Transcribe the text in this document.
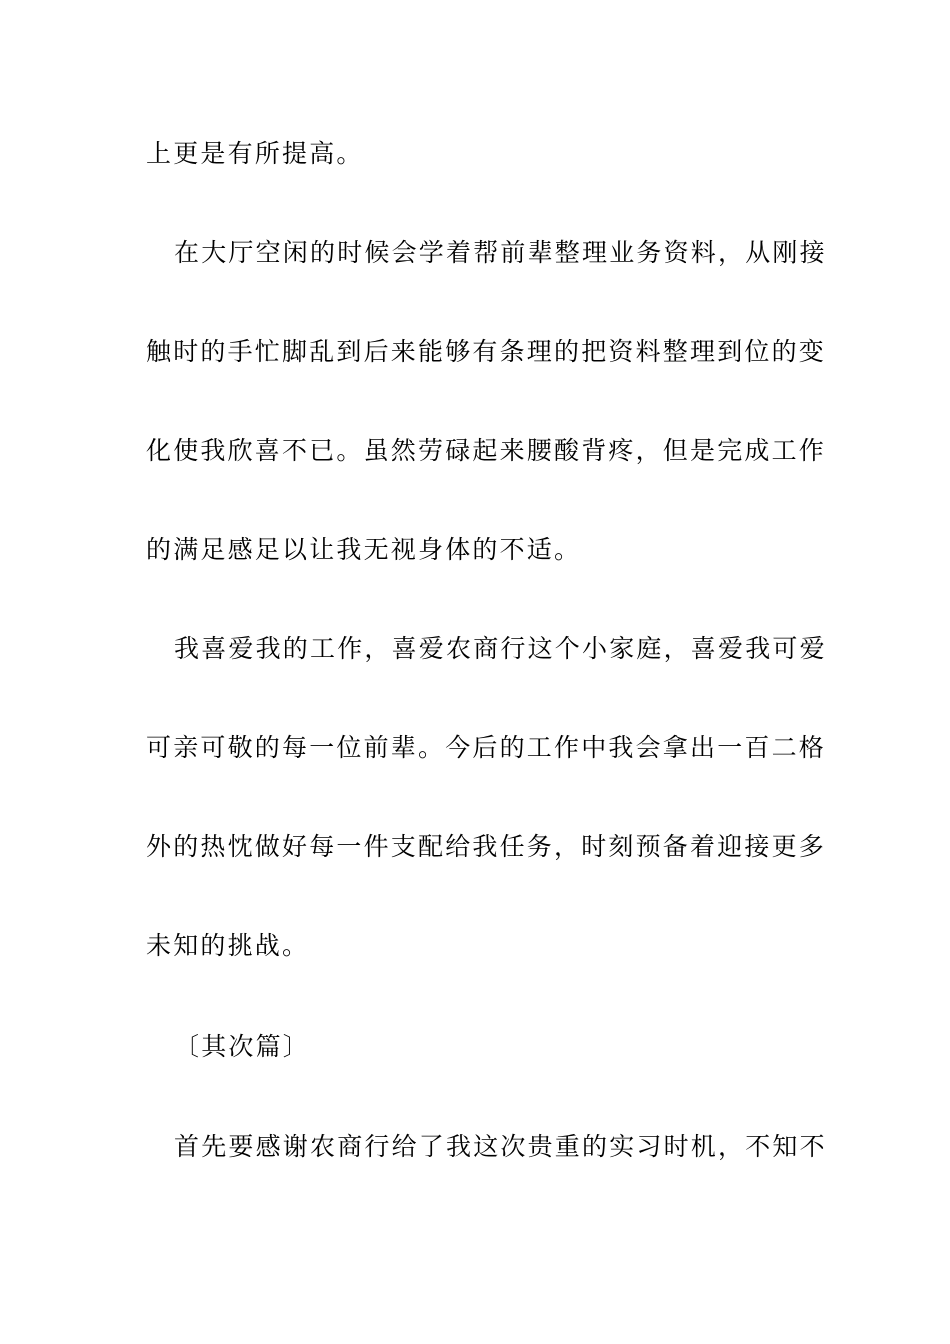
上更是有所提高。
在大厅空闲的时候会学着帮前辈整理业务资料，从刚接
触时的手忙脚乱到后来能够有条理的把资料整理到位的变
化使我欣喜不已。虽然劳碌起来腰酸背疼，但是完成工作
的满足感足以让我无视身体的不适。
我喜爱我的工作，喜爱农商行这个小家庭，喜爱我可爱
可亲可敬的每一位前辈。今后的工作中我会拿出一百二格
外的热忱做好每一件支配给我任务，时刻预备着迎接更多
未知的挑战。
〔其次篇〕
首先要感谢农商行给了我这次贵重的实习时机，不知不
